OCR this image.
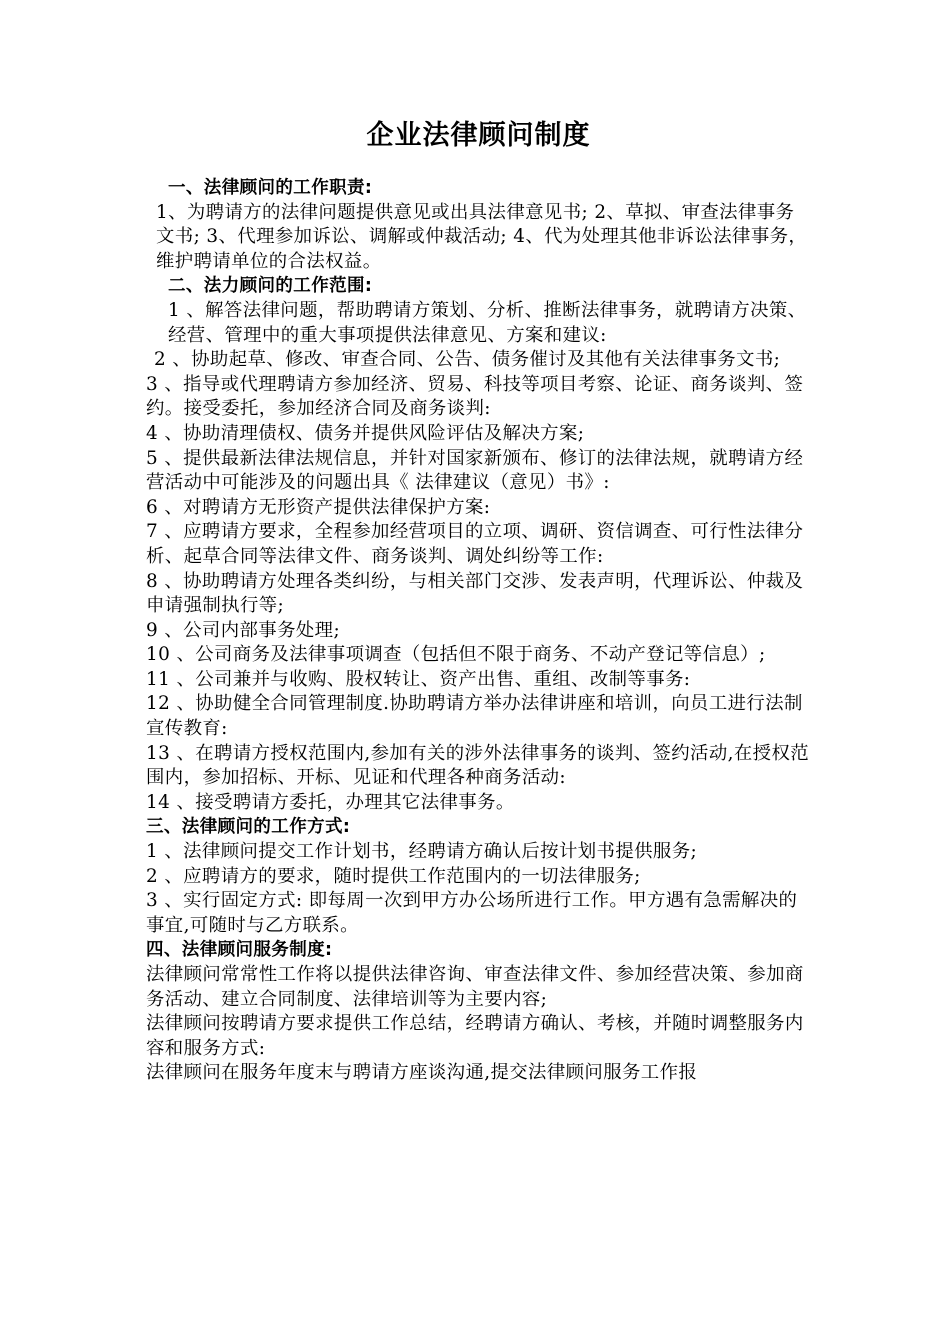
企业法律顾问制度

一、法律顾问的工作职责:

1、为聘请方的法律问题提供意见或出具法律意见书; 2、草拟、审查法律事务文书; 3、代理参加诉讼、调解或仲裁活动; 4、代为处理其他非诉讼法律事务，维护聘请单位的合法权益。

二、法力顾问的工作范围:

1 、解答法律问题，帮助聘请方策划、分析、推断法律事务，就聘请方决策、经营、管理中的重大事项提供法律意见、方案和建议:

2 、协助起草、修改、审查合同、公告、债务催讨及其他有关法律事务文书;

3 、指导或代理聘请方参加经济、贸易、科技等项目考察、论证、商务谈判、签约。接受委托，参加经济合同及商务谈判:

4 、协助清理债权、债务并提供风险评估及解决方案;

5 、提供最新法律法规信息，并针对国家新颁布、修订的法律法规，就聘请方经营活动中可能涉及的问题出具《 法律建议（意见）书》:

6 、对聘请方无形资产提供法律保护方案:

7 、应聘请方要求，全程参加经营项目的立项、调研、资信调查、可行性法律分析、起草合同等法律文件、商务谈判、调处纠纷等工作:

8 、协助聘请方处理各类纠纷，与相关部门交涉、发表声明，代理诉讼、仲裁及申请强制执行等;

9 、公司内部事务处理;

10 、公司商务及法律事项调查（包括但不限于商务、不动产登记等信息）;

11 、公司兼并与收购、股权转让、资产出售、重组、改制等事务:

12 、协助健全合同管理制度.协助聘请方举办法律讲座和培训，向员工进行法制宣传教育:

13 、在聘请方授权范围内,参加有关的涉外法律事务的谈判、签约活动,在授权范围内，参加招标、开标、见证和代理各种商务活动:

14 、接受聘请方委托，办理其它法律事务。

三、法律顾问的工作方式:

1 、法律顾问提交工作计划书，经聘请方确认后按计划书提供服务;

2 、应聘请方的要求，随时提供工作范围内的一切法律服务;

3 、实行固定方式: 即每周一次到甲方办公场所进行工作。甲方遇有急需解决的事宜,可随时与乙方联系。

四、法律顾问服务制度:

法律顾问常常性工作将以提供法律咨询、审查法律文件、参加经营决策、参加商务活动、建立合同制度、法律培训等为主要内容;

法律顾问按聘请方要求提供工作总结，经聘请方确认、考核，并随时调整服务内容和服务方式:

法律顾问在服务年度末与聘请方座谈沟通,提交法律顾问服务工作报
